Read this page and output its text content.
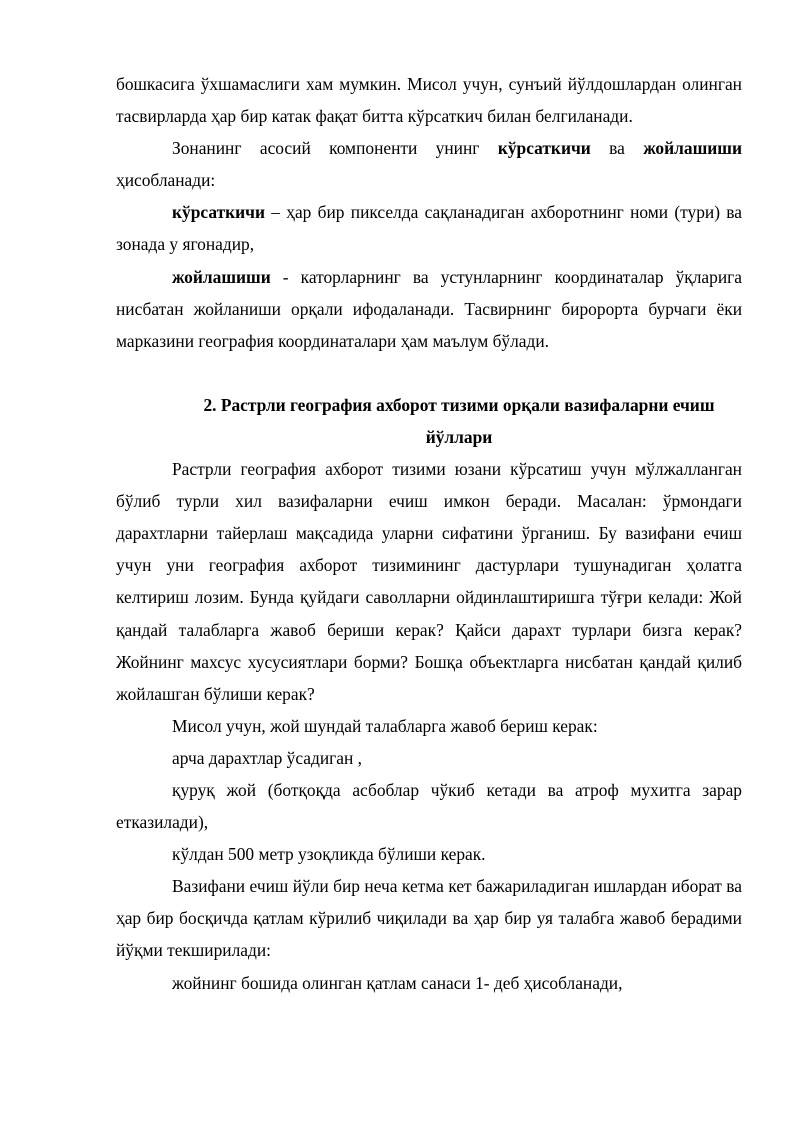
бошкасига ўхшамаслиги хам мумкин. Мисол учун, сунъий йўлдошлардан олинган тасвирларда ҳар бир катак фақат битта кўрсаткич билан белгиланади.

Зонанинг асосий компоненти унинг кўрсаткичи ва жойлашиши ҳисобланади:

кўрсаткичи – ҳар бир пикселда сақланадиган ахборотнинг номи (тури) ва зонада у ягонадир,

жойлашиши - каторларнинг ва устунларнинг координаталар ўқларига нисбатан жойланиши орқали ифодаланади. Тасвирнинг биророрта бурчаги ёки марказини география координаталари ҳам маълум бўлади.

2. Растрли география ахборот тизими орқали вазифаларни ечиш йўллари

Растрли география ахборот тизими юзани кўрсатиш учун мўлжалланган бўлиб турли хил вазифаларни ечиш имкон беради. Масалан: ўрмондаги дарахтларни тайерлаш мақсадида уларни сифатини ўрганиш. Бу вазифани ечиш учун уни география ахборот тизимининг дастурлари тушунадиган ҳолатга келтириш лозим. Бунда қуйдаги саволларни ойдинлаштиришга тўғри келади: Жой қандай талабларга жавоб бериши керак? Қайси дарахт турлари бизга керак? Жойнинг махсус хусусиятлари борми? Бошқа объектларга нисбатан қандай қилиб жойлашган бўлиши керак?

Мисол учун, жой шундай талабларга жавоб бериш керак:

арча дарахтлар ўсадиган ,

қуруқ жой (ботқоқда асбоблар чўкиб кетади ва атроф мухитга зарар етказилади),

кўлдан 500 метр узоқликда бўлиши керак.

Вазифани ечиш йўли бир неча кетма кет бажариладиган ишлардан иборат ва ҳар бир босқичда қатлам кўрилиб чиқилади ва ҳар бир уя талабга жавоб берадими йўқми текширилади:

жойнинг бошида олинган қатлам санаси 1- деб ҳисобланади,
